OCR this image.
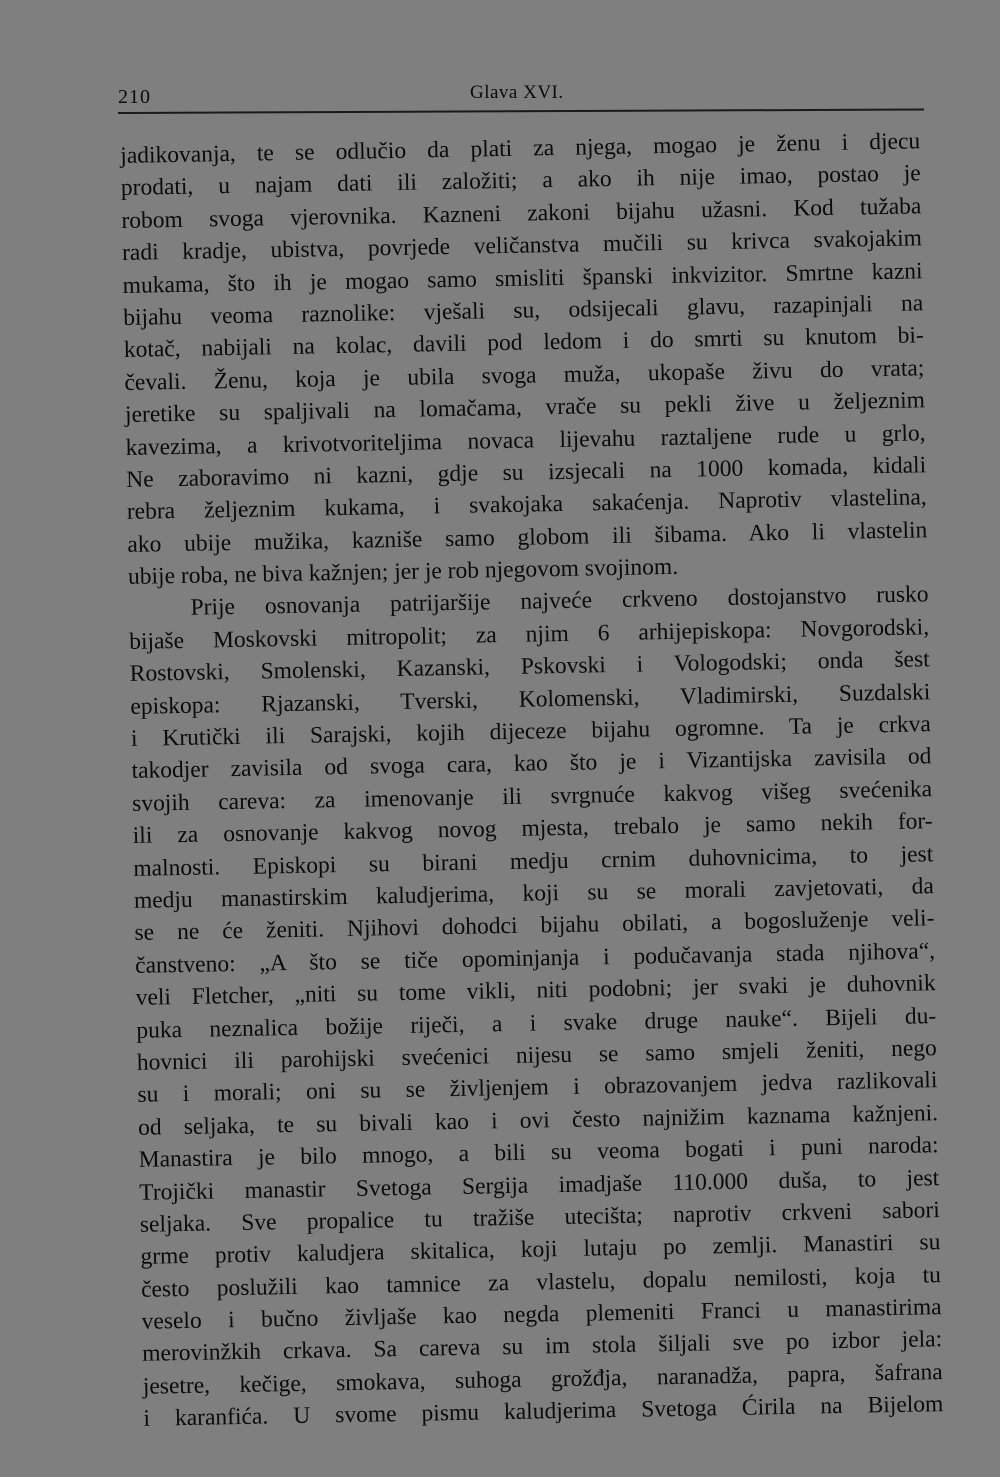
210	Glava XVI.
jadikovanja, te se odlučio da plati za njega, mogao je ženu i djecu
prodati, u najam dati ili založiti; a ako ih nije imao, postao je
robom svoga vjerovnika. Kazneni zakoni bijahu užasni. Kod tužaba
radi kradje, ubistva, povrjede veličanstva mučili su krivca svakojakim
mukama, što ih je mogao samo smisliti španski inkvizitor. Smrtne kazni
bijahu veoma raznolike: vješali su, odsijecali glavu, razapinjali na
kotač, nabijali na kolac, davili pod ledom i do smrti su knutom bi-
čevali. Ženu, koja je ubila svoga muža, ukopaše živu do vrata;
jeretike su spaljivali na lomačama, vrače su pekli žive u željeznim
kavezima, a krivotvoriteljima novaca lijevahu raztaljene rude u grlo,
Ne zaboravimo ni kazni, gdje su izsjecali na 1000 komada, kidali
rebra željeznim kukama, i svakojaka sakaćenja. Naprotiv vlastelina,
ako ubije mužika, kazniše samo globom ili šibama. Ako li vlastelin
ubije roba, ne biva kažnjen; jer je rob njegovom svojinom.
Prije osnovanja patrijaršije najveće crkveno dostojanstvo rusko
bijaše Moskovski mitropolit; za njim 6 arhijepiskopa: Novgorodski,
Rostovski, Smolenski, Kazanski, Pskovski i Vologodski; onda šest
episkopa: Rjazanski, Tverski, Kolomenski, Vladimirski, Suzdalski
i Krutički ili Sarajski, kojih dijeceze bijahu ogromne. Ta je crkva
takodjer zavisila od svoga cara, kao što je i Vizantijska zavisila od
svojih careva: za imenovanje ili svrgnuće kakvog višeg svećenika
ili za osnovanje kakvog novog mjesta, trebalo je samo nekih for-
malnosti. Episkopi su birani medju crnim duhovnicima, to jest
medju manastirskim kaludjerima, koji su se morali zavjetovati, da
se ne će ženiti. Njihovi dohodci bijahu obilati, a bogosluženje veli-
čanstveno: „A što se tiče opominjanja i podučavanja stada njihova“,
veli Fletcher, „niti su tome vikli, niti podobni; jer svaki je duhovnik
puka neznalica božije riječi, a i svake druge nauke“. Bijeli du-
hovnici ili parohijski svećenici nijesu se samo smjeli ženiti, nego
su i morali; oni su se življenjem i obrazovanjem jedva razlikovali
od seljaka, te su bivali kao i ovi često najnižim kaznama kažnjeni.
Manastira je bilo mnogo, a bili su veoma bogati i puni naroda:
Trojički manastir Svetoga Sergija imadjaše 110.000 duša, to jest
seljaka. Sve propalice tu tražiše utecišta; naprotiv crkveni sabori
grme protiv kaludjera skitalica, koji lutaju po zemlji. Manastiri su
često poslužili kao tamnice za vlastelu, dopalu nemilosti, koja tu
veselo i bučno življaše kao negda plemeniti Franci u manastirima
merovinžkih crkava. Sa careva su im stola šiljali sve po izbor jela:
jesetre, kečige, smokava, suhoga grožđja, naranadža, papra, šafrana
i karanfića. U svome pismu kaludjerima Svetoga Ćirila na Bijelom
